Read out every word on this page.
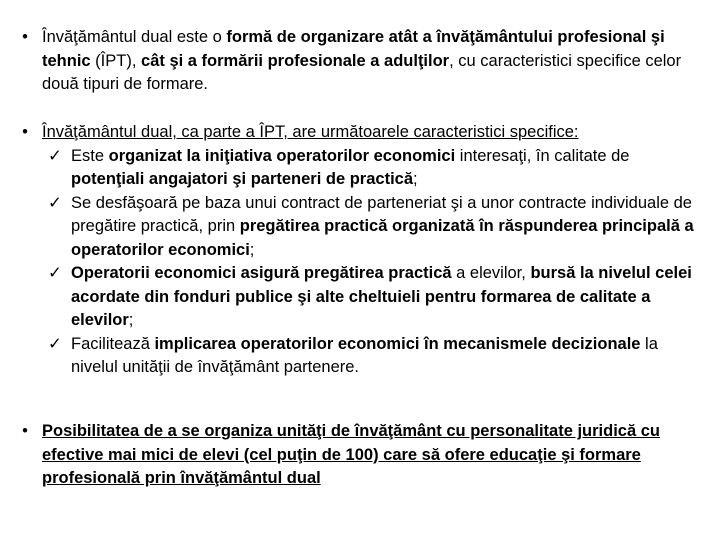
• Învăţământul dual este o formă de organizare atât a învăţământului profesional şi tehnic (ÎPT), cât şi a formării profesionale a adulţilor, cu caracteristici specifice celor două tipuri de formare.
• Învăţământul dual, ca parte a ÎPT, are următoarele caracteristici specifice:
✓ Este organizat la iniţiativa operatorilor economici interesaţi, în calitate de potenţiali angajatori şi parteneri de practică;
✓ Se desfăşoară pe baza unui contract de parteneriat şi a unor contracte individuale de pregătire practică, prin pregătirea practică organizată în răspunderea principală a operatorilor economici;
✓ Operatorii economici asigură pregătirea practică a elevilor, bursă la nivelul celei acordate din fonduri publice şi alte cheltuieli pentru formarea de calitate a elevilor;
✓ Facilitează implicarea operatorilor economici în mecanismele decizionale la nivelul unităţii de învăţământ partenere.
• Posibilitatea de a se organiza unităţi de învăţământ cu personalitate juridică cu efective mai mici de elevi (cel puţin de 100) care să ofere educaţie şi formare profesională prin învăţământul dual
